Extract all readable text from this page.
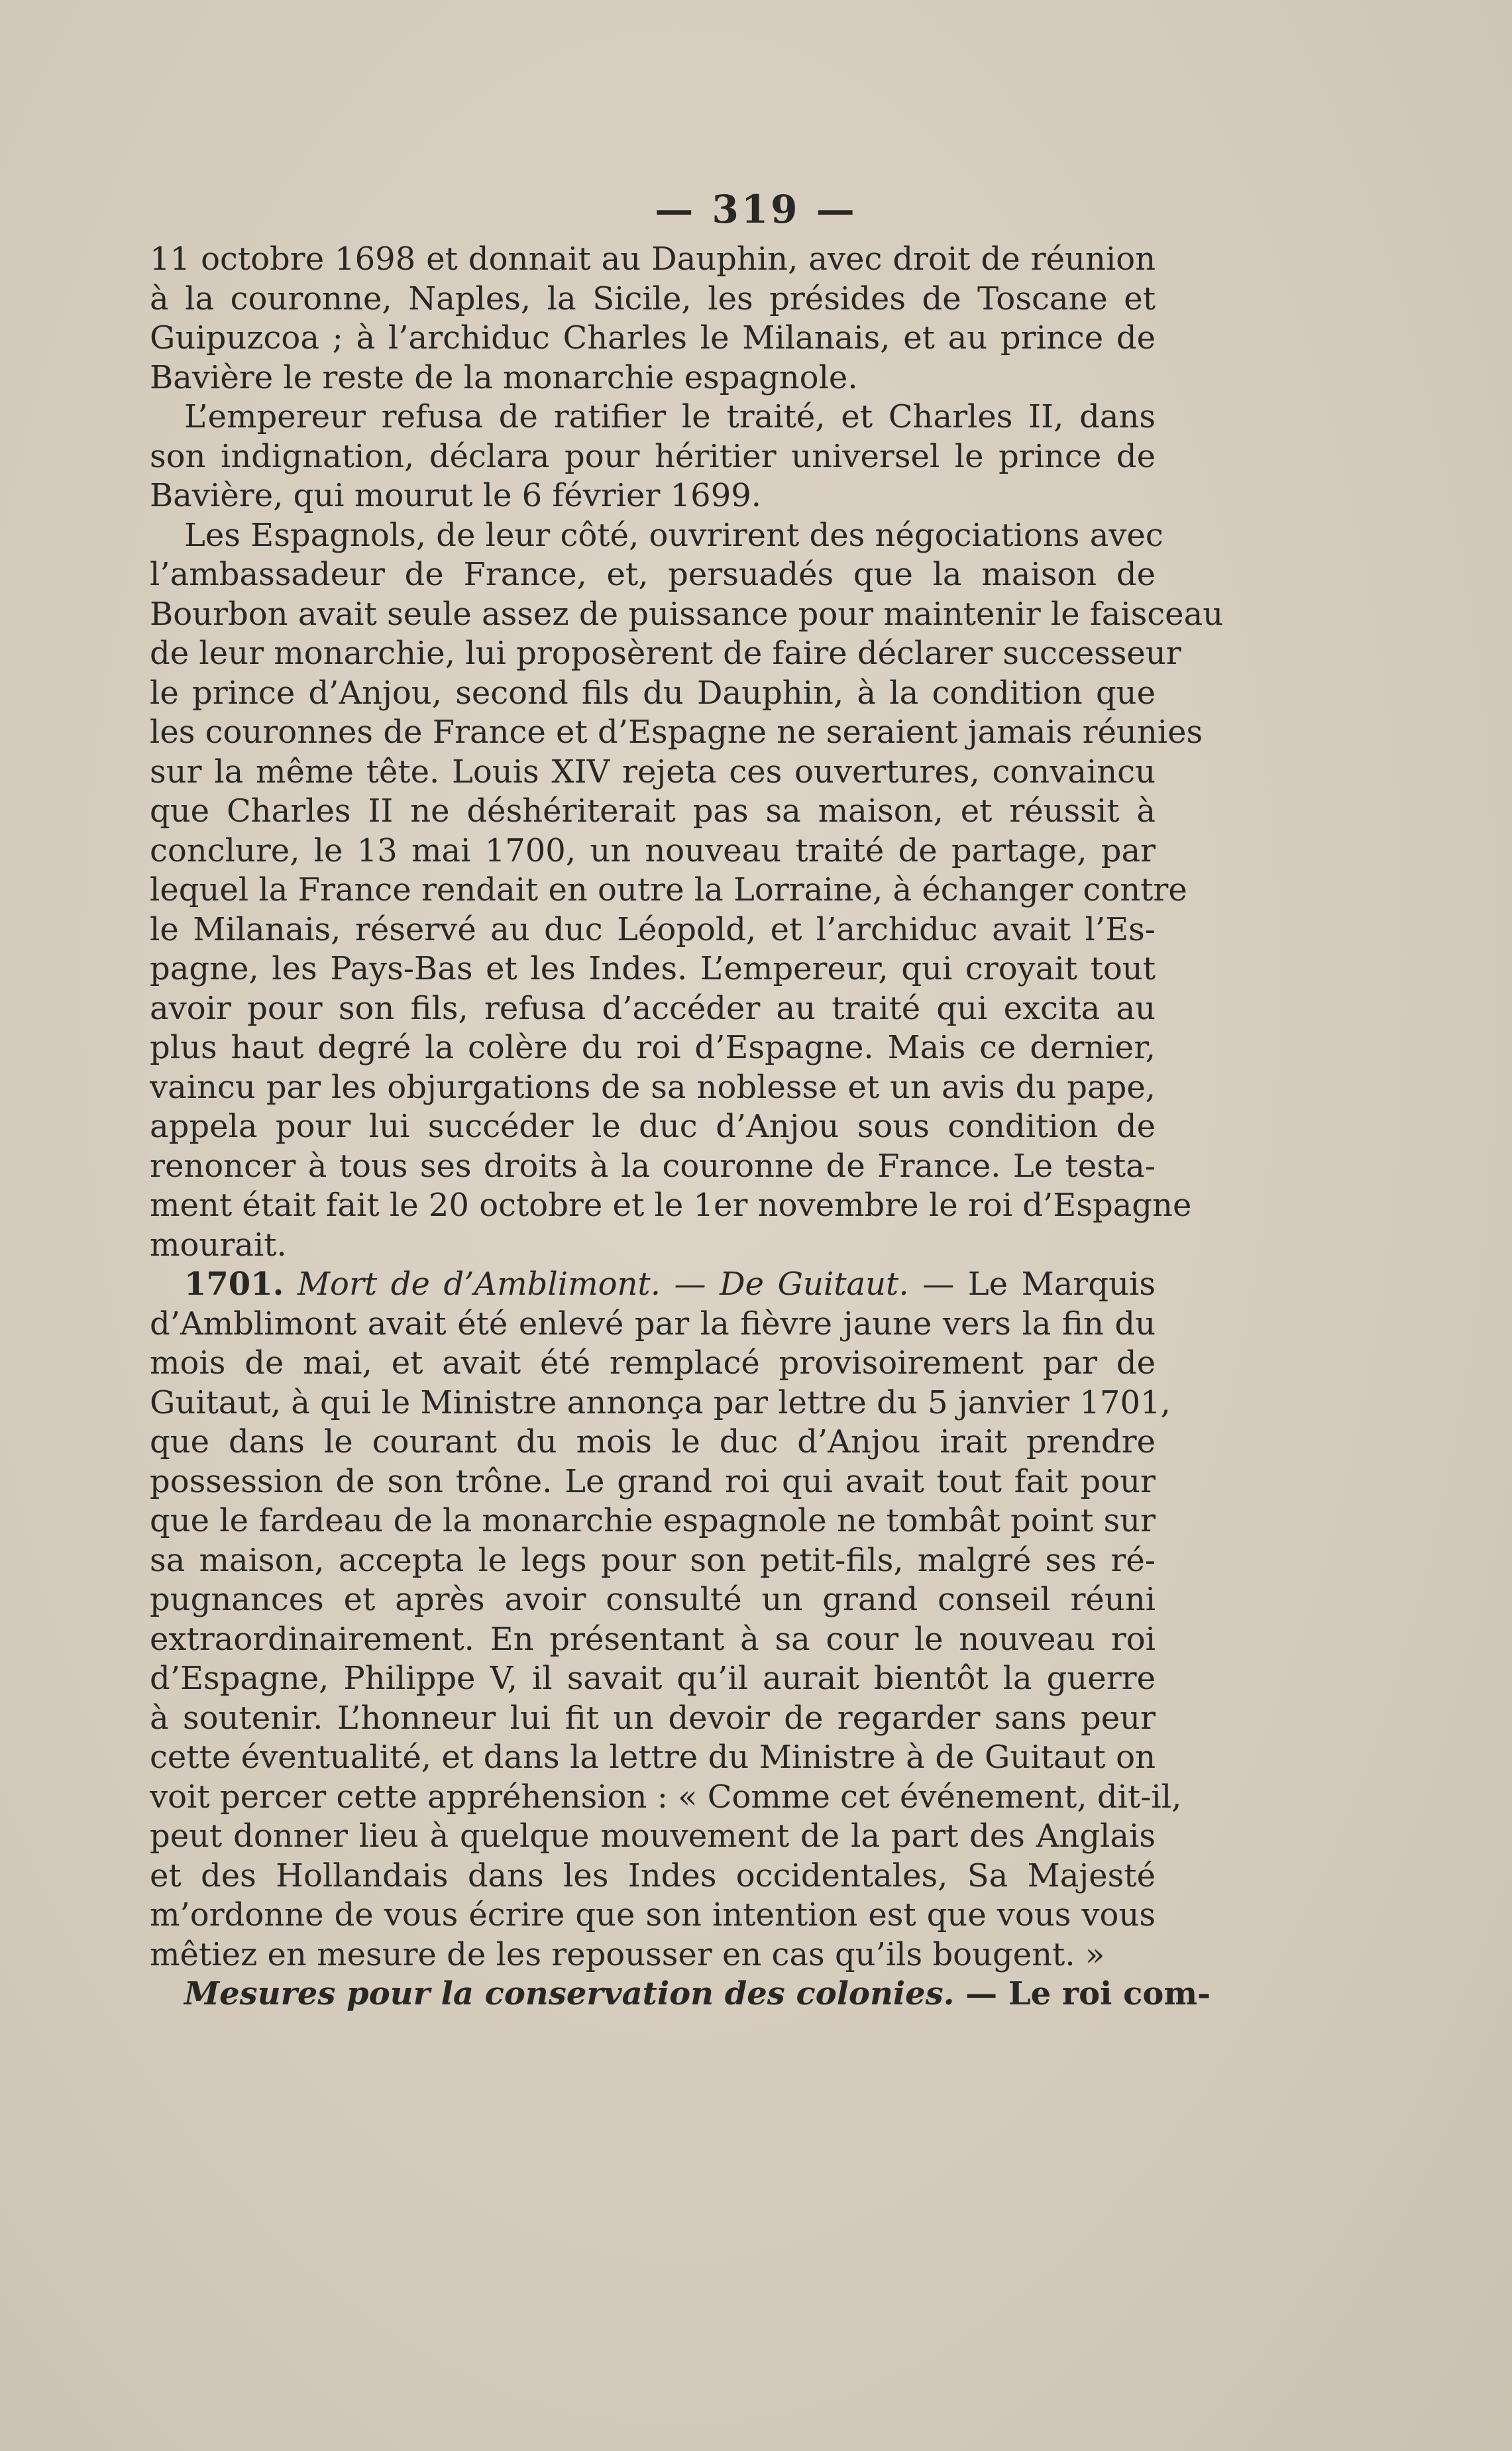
— 319 —
11 octobre 1698 et donnait au Dauphin, avec droit de réunion
à la couronne, Naples, la Sicile, les présides de Toscane et
Guipuzcoa ; à l’archiduc Charles le Milanais, et au prince de
Bavière le reste de la monarchie espagnole.
L’empereur refusa de ratifier le traité, et Charles II, dans
son indignation, déclara pour héritier universel le prince de
Bavière, qui mourut le 6 février 1699.
Les Espagnols, de leur côté, ouvrirent des négociations avec
l’ambassadeur de France, et, persuadés que la maison de
Bourbon avait seule assez de puissance pour maintenir le faisceau
de leur monarchie, lui proposèrent de faire déclarer successeur
le prince d’Anjou, second fils du Dauphin, à la condition que
les couronnes de France et d’Espagne ne seraient jamais réunies
sur la même tête. Louis XIV rejeta ces ouvertures, convaincu
que Charles II ne déshériterait pas sa maison, et réussit à
conclure, le 13 mai 1700, un nouveau traité de partage, par
lequel la France rendait en outre la Lorraine, à échanger contre
le Milanais, réservé au duc Léopold, et l’archiduc avait l’Es-
pagne, les Pays-Bas et les Indes. L’empereur, qui croyait tout
avoir pour son fils, refusa d’accéder au traité qui excita au
plus haut degré la colère du roi d’Espagne. Mais ce dernier,
vaincu par les objurgations de sa noblesse et un avis du pape,
appela pour lui succéder le duc d’Anjou sous condition de
renoncer à tous ses droits à la couronne de France. Le testa-
ment était fait le 20 octobre et le 1er novembre le roi d’Espagne
mourait.
1701. Mort de d’Amblimont. — De Guitaut. — Le Marquis
d’Amblimont avait été enlevé par la fièvre jaune vers la fin du
mois de mai, et avait été remplacé provisoirement par de
Guitaut, à qui le Ministre annonça par lettre du 5 janvier 1701,
que dans le courant du mois le duc d’Anjou irait prendre
possession de son trône. Le grand roi qui avait tout fait pour
que le fardeau de la monarchie espagnole ne tombât point sur
sa maison, accepta le legs pour son petit-fils, malgré ses ré-
pugnances et après avoir consulté un grand conseil réuni
extraordinairement. En présentant à sa cour le nouveau roi
d’Espagne, Philippe V, il savait qu’il aurait bientôt la guerre
à soutenir. L’honneur lui fit un devoir de regarder sans peur
cette éventualité, et dans la lettre du Ministre à de Guitaut on
voit percer cette appréhension : « Comme cet événement, dit-il,
peut donner lieu à quelque mouvement de la part des Anglais
et des Hollandais dans les Indes occidentales, Sa Majesté
m’ordonne de vous écrire que son intention est que vous vous
mêtiez en mesure de les repousser en cas qu’ils bougent. »
Mesures pour la conservation des colonies. — Le roi com-
